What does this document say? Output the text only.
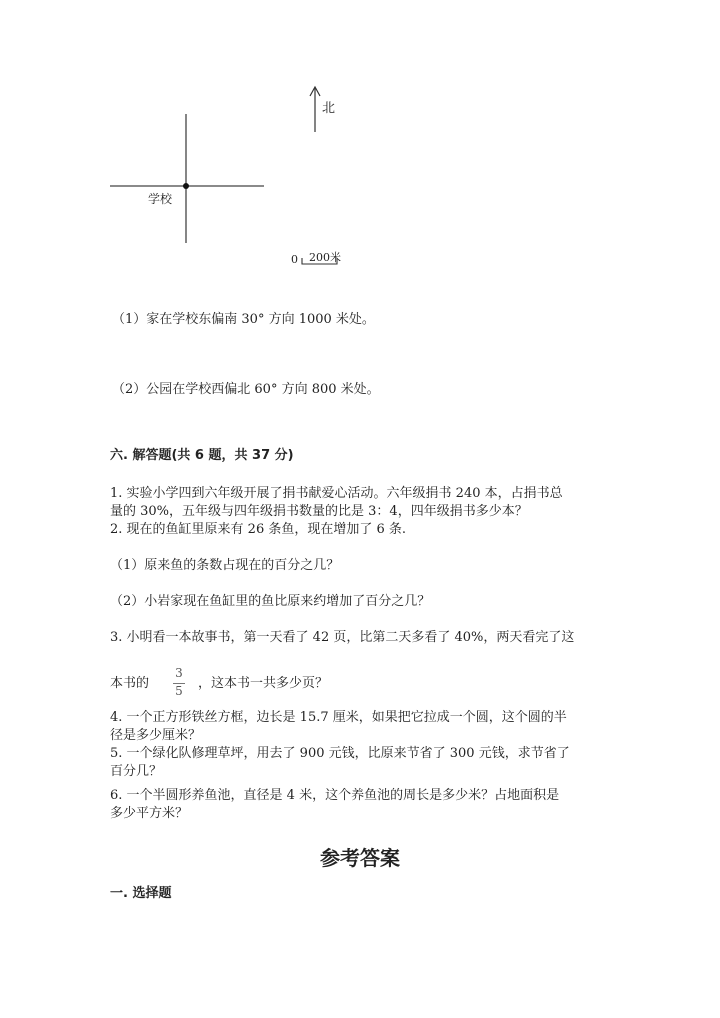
北
学校
0 200米
（1）家在学校东偏南 30° 方向 1000 米处。
（2）公园在学校西偏北 60° 方向 800 米处。
六. 解答题(共 6 题，共 37 分)
1. 实验小学四到六年级开展了捐书献爱心活动。六年级捐书 240 本，占捐书总
量的 30%，五年级与四年级捐书数量的比是 3：4，四年级捐书多少本？
2. 现在的鱼缸里原来有 26 条鱼，现在增加了 6 条.
（1）原来鱼的条数占现在的百分之几？
（2）小岩家现在鱼缸里的鱼比原来约增加了百分之几？
3. 小明看一本故事书，第一天看了 42 页，比第二天多看了 40%，两天看完了这
本书的
3
5 ，这本书一共多少页？
4. 一个正方形铁丝方框，边长是 15.7 厘米，如果把它拉成一个圆，这个圆的半
径是多少厘米？
5. 一个绿化队修理草坪，用去了 900 元钱，比原来节省了 300 元钱，求节省了
百分几？
6. 一个半圆形养鱼池，直径是 4 米，这个养鱼池的周长是多少米？占地面积是
多少平方米？
参考答案
一. 选择题
